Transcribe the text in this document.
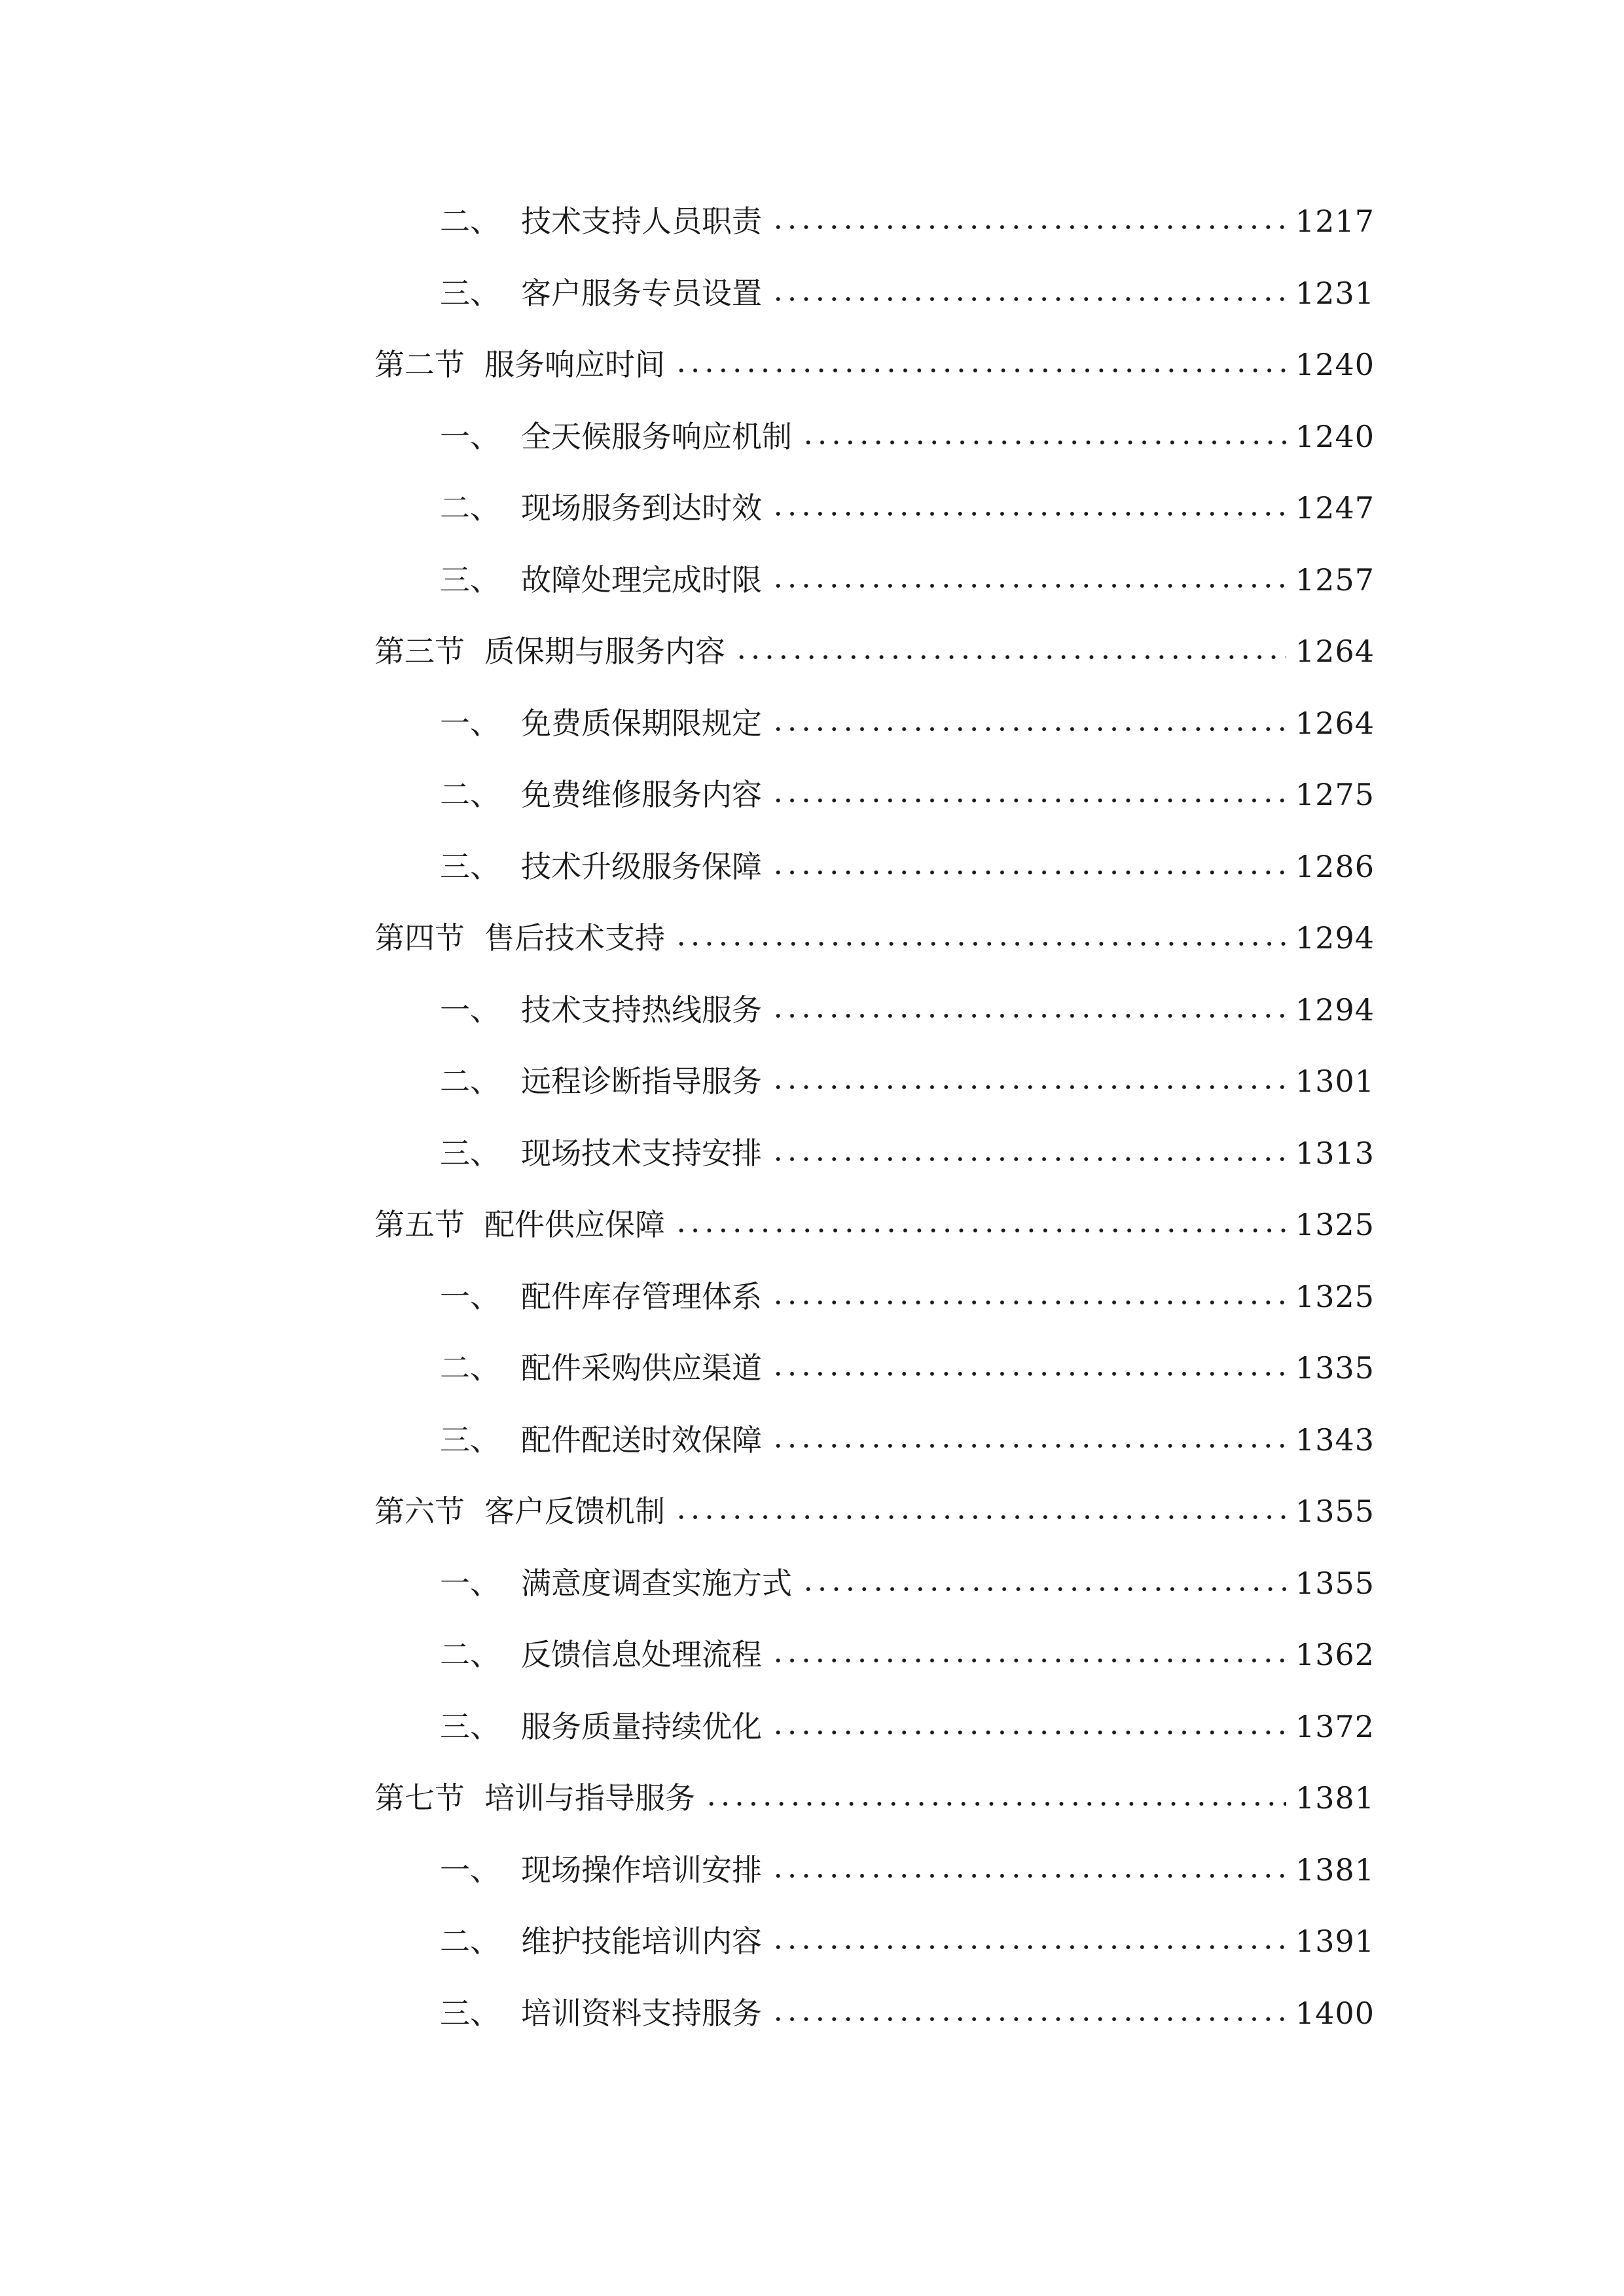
二、 技术支持人员职责	1217
三、 客户服务专员设置	1231
第二节 服务响应时间	1240
一、 全天候服务响应机制	1240
二、 现场服务到达时效	1247
三、 故障处理完成时限	1257
第三节 质保期与服务内容	1264
一、 免费质保期限规定	1264
二、 免费维修服务内容	1275
三、 技术升级服务保障	1286
第四节 售后技术支持	1294
一、 技术支持热线服务	1294
二、 远程诊断指导服务	1301
三、 现场技术支持安排	1313
第五节 配件供应保障	1325
一、 配件库存管理体系	1325
二、 配件采购供应渠道	1335
三、 配件配送时效保障	1343
第六节 客户反馈机制	1355
一、 满意度调查实施方式	1355
二、 反馈信息处理流程	1362
三、 服务质量持续优化	1372
第七节 培训与指导服务	1381
一、 现场操作培训安排	1381
二、 维护技能培训内容	1391
三、 培训资料支持服务	1400
